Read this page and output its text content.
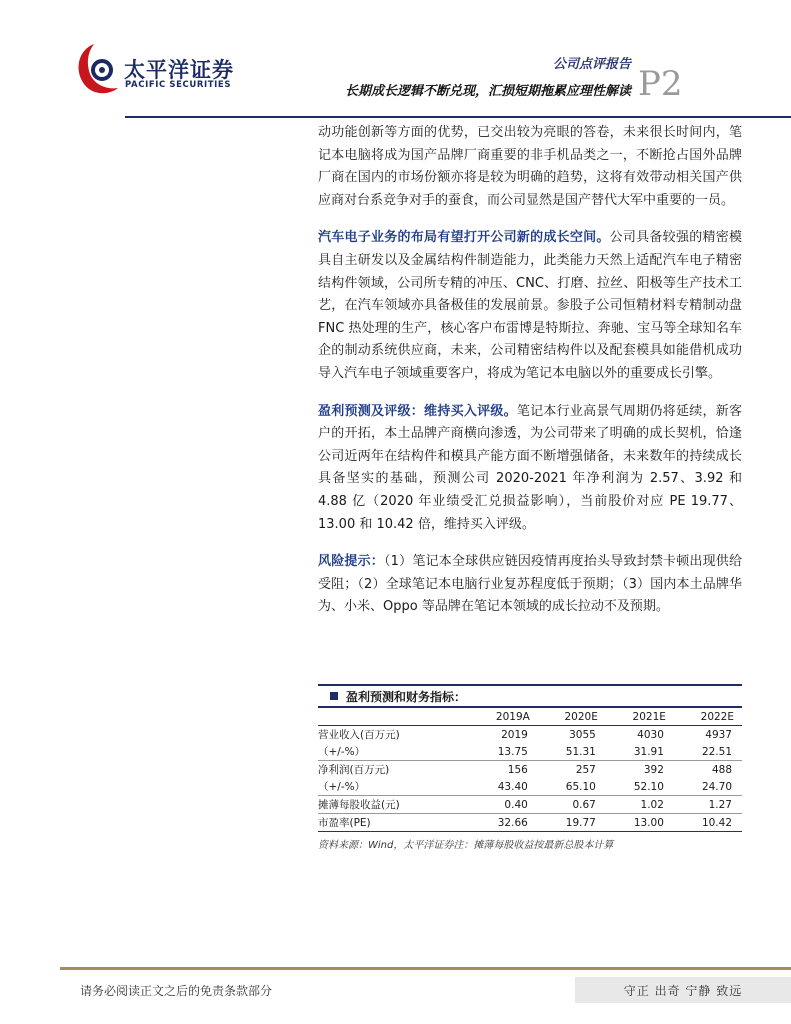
太平洋证券
PACIFIC SECURITIES
公司点评报告
长期成长逻辑不断兑现，汇损短期拖累应理性解读 P2

动功能创新等方面的优势，已交出较为亮眼的答卷，未来很长时间内，笔记本电脑将成为国产品牌厂商重要的非手机品类之一，不断抢占国外品牌厂商在国内的市场份额亦将是较为明确的趋势，这将有效带动相关国产供应商对台系竞争对手的蚕食，而公司显然是国产替代大军中重要的一员。

汽车电子业务的布局有望打开公司新的成长空间。公司具备较强的精密模具自主研发以及金属结构件制造能力，此类能力天然上适配汽车电子精密结构件领域，公司所专精的冲压、CNC、打磨、拉丝、阳极等生产技术工艺，在汽车领域亦具备极佳的发展前景。参股子公司恒精材料专精制动盘 FNC 热处理的生产，核心客户布雷博是特斯拉、奔驰、宝马等全球知名车企的制动系统供应商，未来，公司精密结构件以及配套模具如能借机成功导入汽车电子领域重要客户，将成为笔记本电脑以外的重要成长引擎。

盈利预测及评级：维持买入评级。笔记本行业高景气周期仍将延续，新客户的开拓，本土品牌产商横向渗透，为公司带来了明确的成长契机，恰逢公司近两年在结构件和模具产能方面不断增强储备，未来数年的持续成长具备坚实的基础，预测公司 2020-2021 年净利润为 2.57、3.92 和 4.88 亿（2020 年业绩受汇兑损益影响），当前股价对应 PE 19.77、13.00 和 10.42 倍，维持买入评级。

风险提示：（1）笔记本全球供应链因疫情再度抬头导致封禁卡顿出现供给受阻；（2）全球笔记本电脑行业复苏程度低于预期；（3）国内本土品牌华为、小米、Oppo 等品牌在笔记本领域的成长拉动不及预期。

盈利预测和财务指标：
	2019A	2020E	2021E	2022E
营业收入(百万元)	2019	3055	4030	4937
（+/-%）	13.75	51.31	31.91	22.51
净利润(百万元)	156	257	392	488
（+/-%）	43.40	65.10	52.10	24.70
摊薄每股收益(元)	0.40	0.67	1.02	1.27
市盈率(PE)	32.66	19.77	13.00	10.42
资料来源：Wind，太平洋证券注：摊薄每股收益按最新总股本计算
请务必阅读正文之后的免责条款部分	守正 出奇 宁静 致远
